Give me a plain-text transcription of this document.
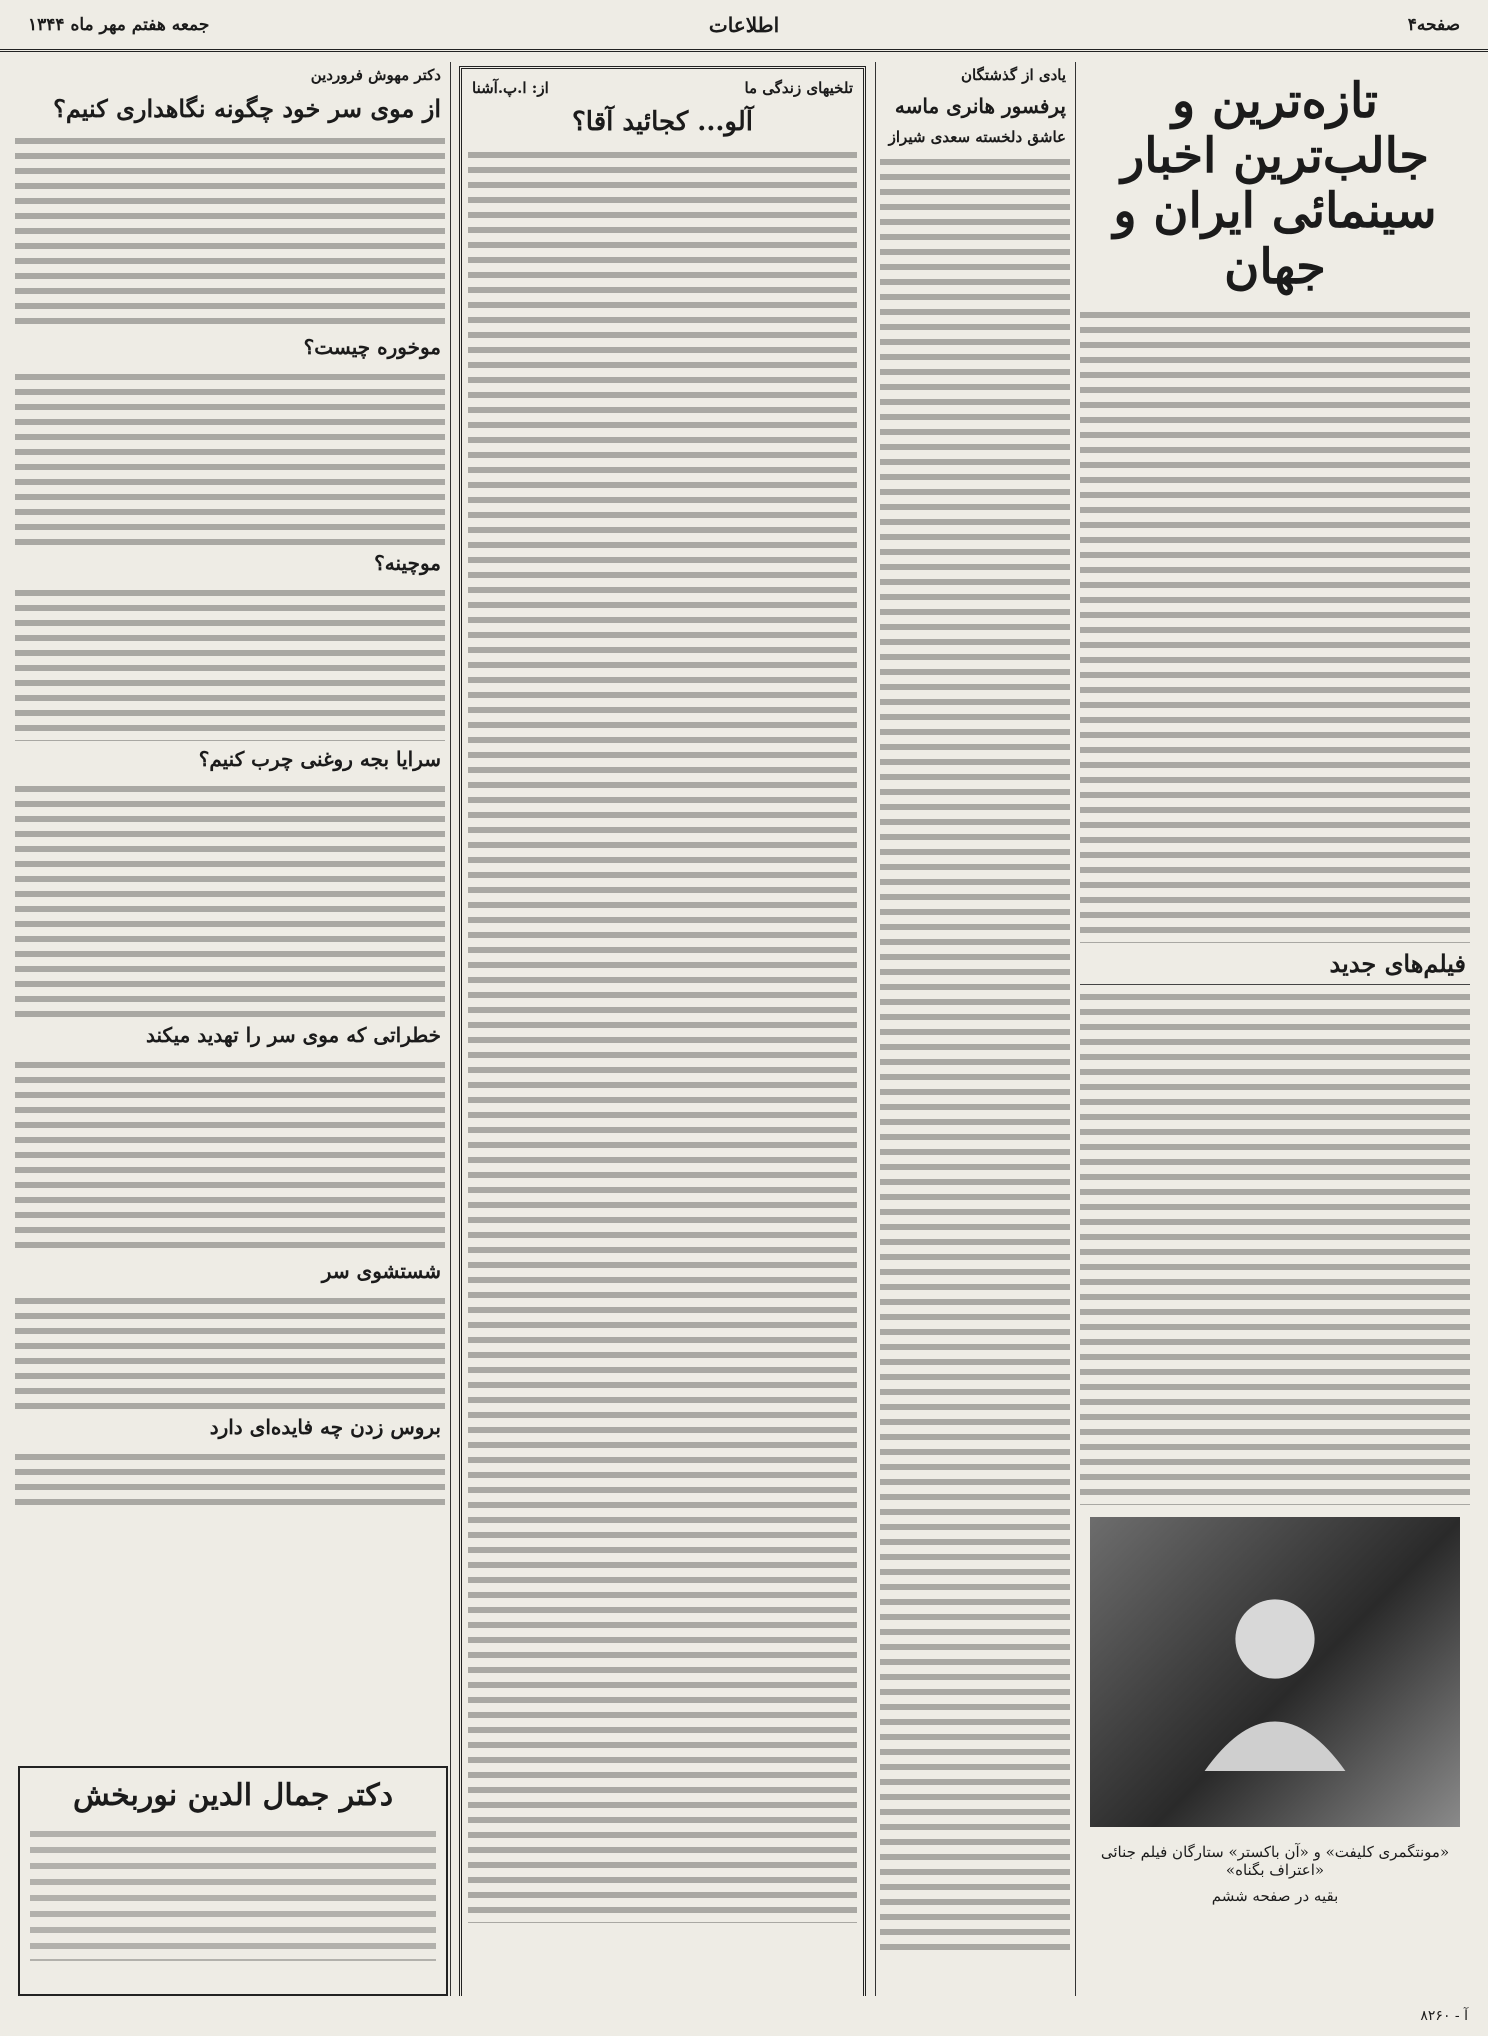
صفحه۴
اطلاعات
جمعه هفتم مهر ماه ۱۳۴۴
تازه‌ترین و جالب‌ترین اخبار سینمائی ایران و جهان
فیلم‌های جدید
«مونتگمری کلیفت» و «آن باکستر» ستارگان فیلم جنائی «اعتراف بگناه»
بقیه در صفحه ششم
یادی از گذشتگان
پرفسور هانری ماسه
عاشق دلخسته سعدی شیراز
تلخیهای زندگی ما
از: ا.پ.آشنا
آلو... کجائید آقا؟
دکتر مهوش فروردین
از موی سر خود چگونه نگاهداری کنیم؟
موخوره چیست؟
موچینه؟
سرایا بجه روغنی چرب کنیم؟
خطراتی که موی سر را تهدید میکند
شستشوی سر
بروس زدن چه فایده‌ای دارد
دکتر جمال الدین نوربخش
آ - ۸۲۶۰
